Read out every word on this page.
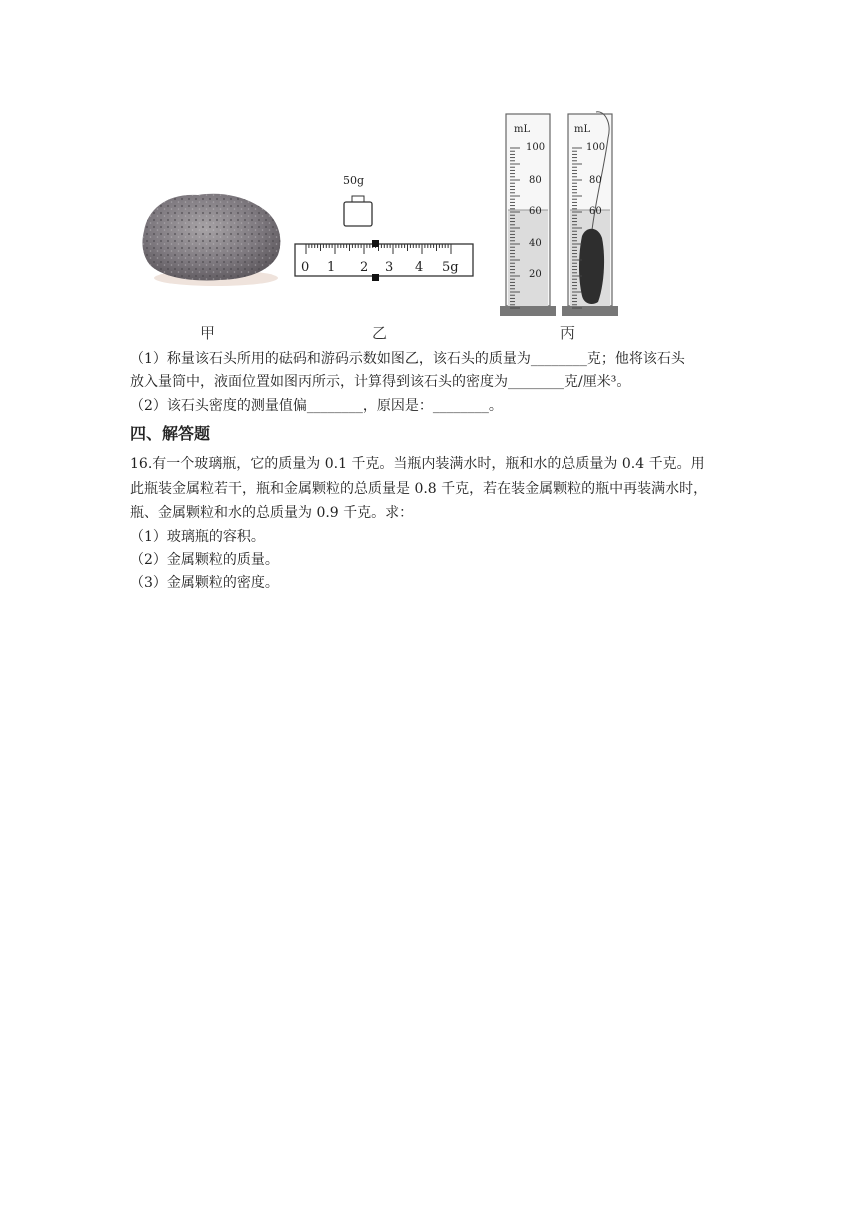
甲
50g
0 1 2 3 4 5g
乙
mL	mL
100
80
60
40
20
100
80
60
丙
（1）称量该石头所用的砝码和游码示数如图乙，该石头的质量为________克；他将该石头
放入量筒中，液面位置如图丙所示，计算得到该石头的密度为________克/厘米³。
（2）该石头密度的测量值偏________，原因是：________。
四、解答题
16.有一个玻璃瓶，它的质量为 0.1 千克。当瓶内装满水时，瓶和水的总质量为 0.4 千克。用
此瓶装金属粒若干，瓶和金属颗粒的总质量是 0.8 千克，若在装金属颗粒的瓶中再装满水时，
瓶、金属颗粒和水的总质量为 0.9 千克。求：
（1）玻璃瓶的容积。
（2）金属颗粒的质量。
（3）金属颗粒的密度。
